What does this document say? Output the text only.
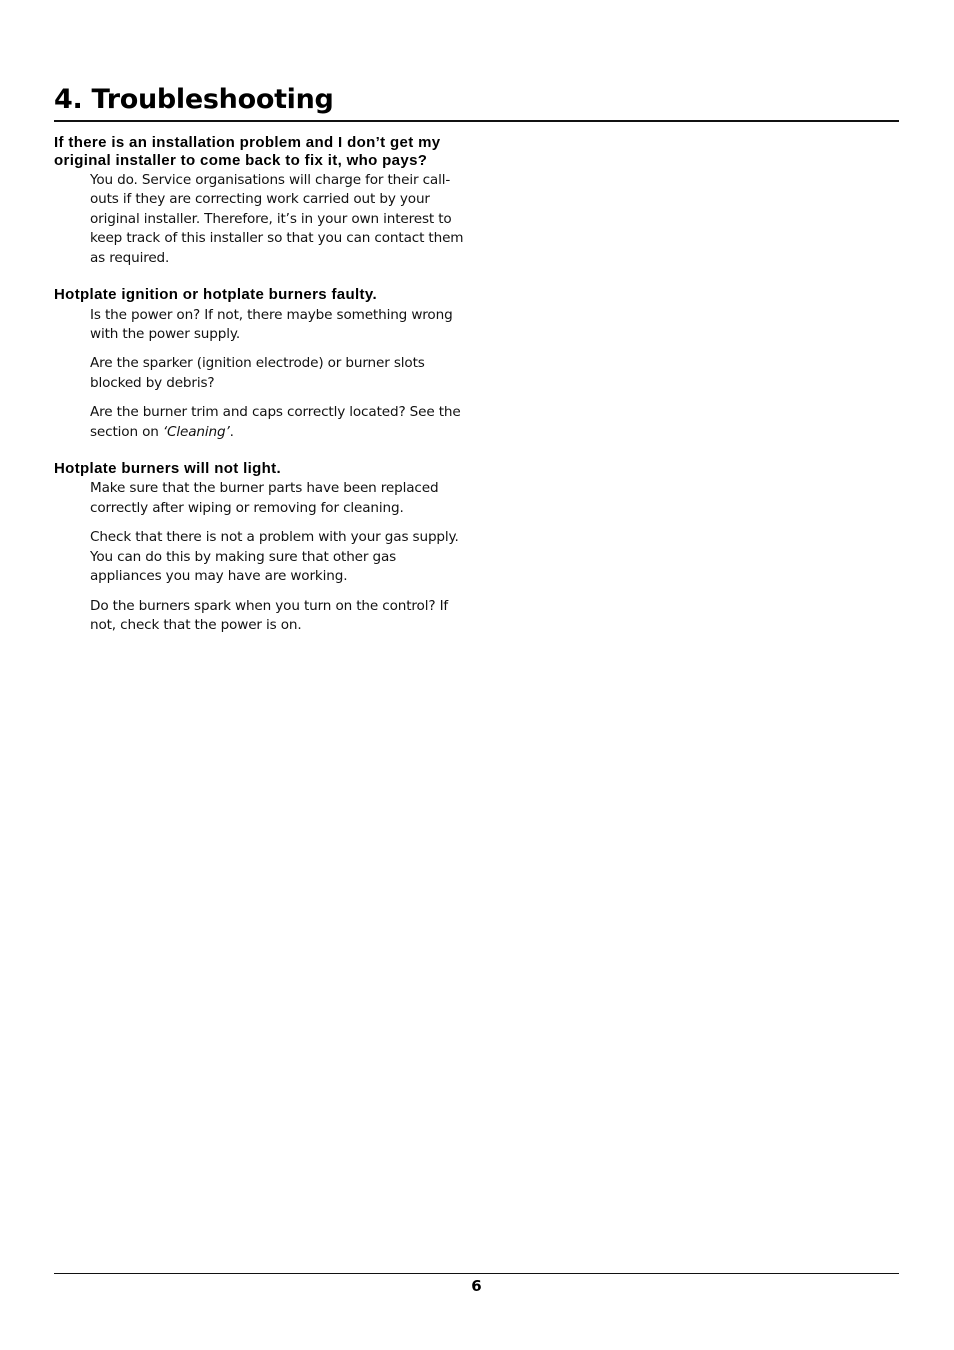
4. Troubleshooting
If there is an installation problem and I don’t get my original installer to come back to fix it, who pays?

You do. Service organisations will charge for their call-outs if they are correcting work carried out by your original installer. Therefore, it’s in your own interest to keep track of this installer so that you can contact them as required.

Hotplate ignition or hotplate burners faulty.

Is the power on? If not, there maybe something wrong with the power supply.

Are the sparker (ignition electrode) or burner slots blocked by debris?

Are the burner trim and caps correctly located? See the section on ‘Cleaning’.

Hotplate burners will not light.

Make sure that the burner parts have been replaced correctly after wiping or removing for cleaning.

Check that there is not a problem with your gas supply. You can do this by making sure that other gas appliances you may have are working.

Do the burners spark when you turn on the control? If not, check that the power is on.

6
